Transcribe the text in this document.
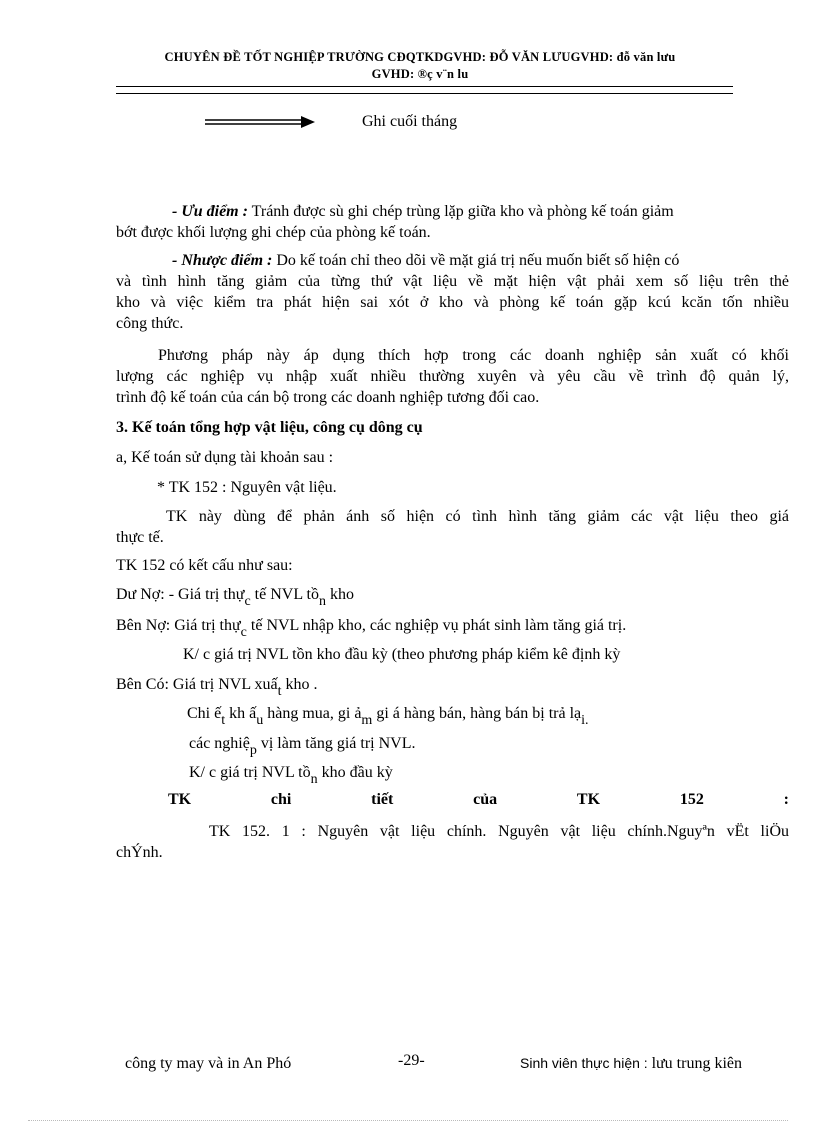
CHUYÊN ĐỀ TỐT NGHIỆP TRƯỜNG CĐQTKDGVHD: ĐỖ VĂN LƯUGVHD: đỗ văn lưu
GVHD: ®ç v¨n lu
Ghi cuối tháng
- Ưu điểm : Tránh được sù ghi chép trùng lặp giữa kho và phòng kế toán giảm
bớt được khối lượng ghi chép của phòng kế toán.
- Nhược điểm : Do kế toán chỉ theo dõi về mặt giá trị nếu muốn biết số hiện có
và tình hình tăng giảm của từng thứ vật liệu về mặt hiện vật phải xem số liệu trên thẻ
kho và việc kiểm tra phát hiện sai xót ở kho và phòng kế toán gặp kcú kcăn tốn nhiều
công thức.
Phương pháp này áp dụng thích hợp trong các doanh nghiệp sản xuất có khối
lượng các nghiệp vụ nhập xuất nhiều thường xuyên và yêu cầu về trình độ quản lý,
trình độ kế toán của cán bộ trong các doanh nghiệp tương đối cao.
3. Kế toán tổng hợp vật liệu, công cụ dông cụ
a, Kế toán sử dụng tài khoản sau :
* TK 152 : Nguyên vật liệu.
TK này dùng để phản ánh số hiện có tình hình tăng giảm các vật liệu theo giá
thực tế.
TK 152 có kết cấu như sau:
Dư Nợ: - Giá trị thực tế NVL tồn kho
Bên Nợ: Giá trị thực tế NVL nhập kho, các nghiệp vụ phát sinh làm tăng giá trị.
K/ c giá trị NVL tồn kho đầu kỳ (theo phương pháp kiểm kê định kỳ
Bên Có: Giá trị NVL xuất kho .
Chi ết kh ấu hàng mua, gi ảm gi á hàng bán, hàng bán bị trả lại.
các nghiệp vị làm tăng giá trị NVL.
K/ c giá trị NVL tồn kho đầu kỳ
TK	chi	tiết	của	TK	152	:
TK 152. 1 : Nguyên vật liệu chính. Nguyên vật liệu chính.Nguyªn vËt liÖu
chÝnh.
công ty may và in An Phó	-29-	Sinh viên thực hiện : lưu trung kiên
